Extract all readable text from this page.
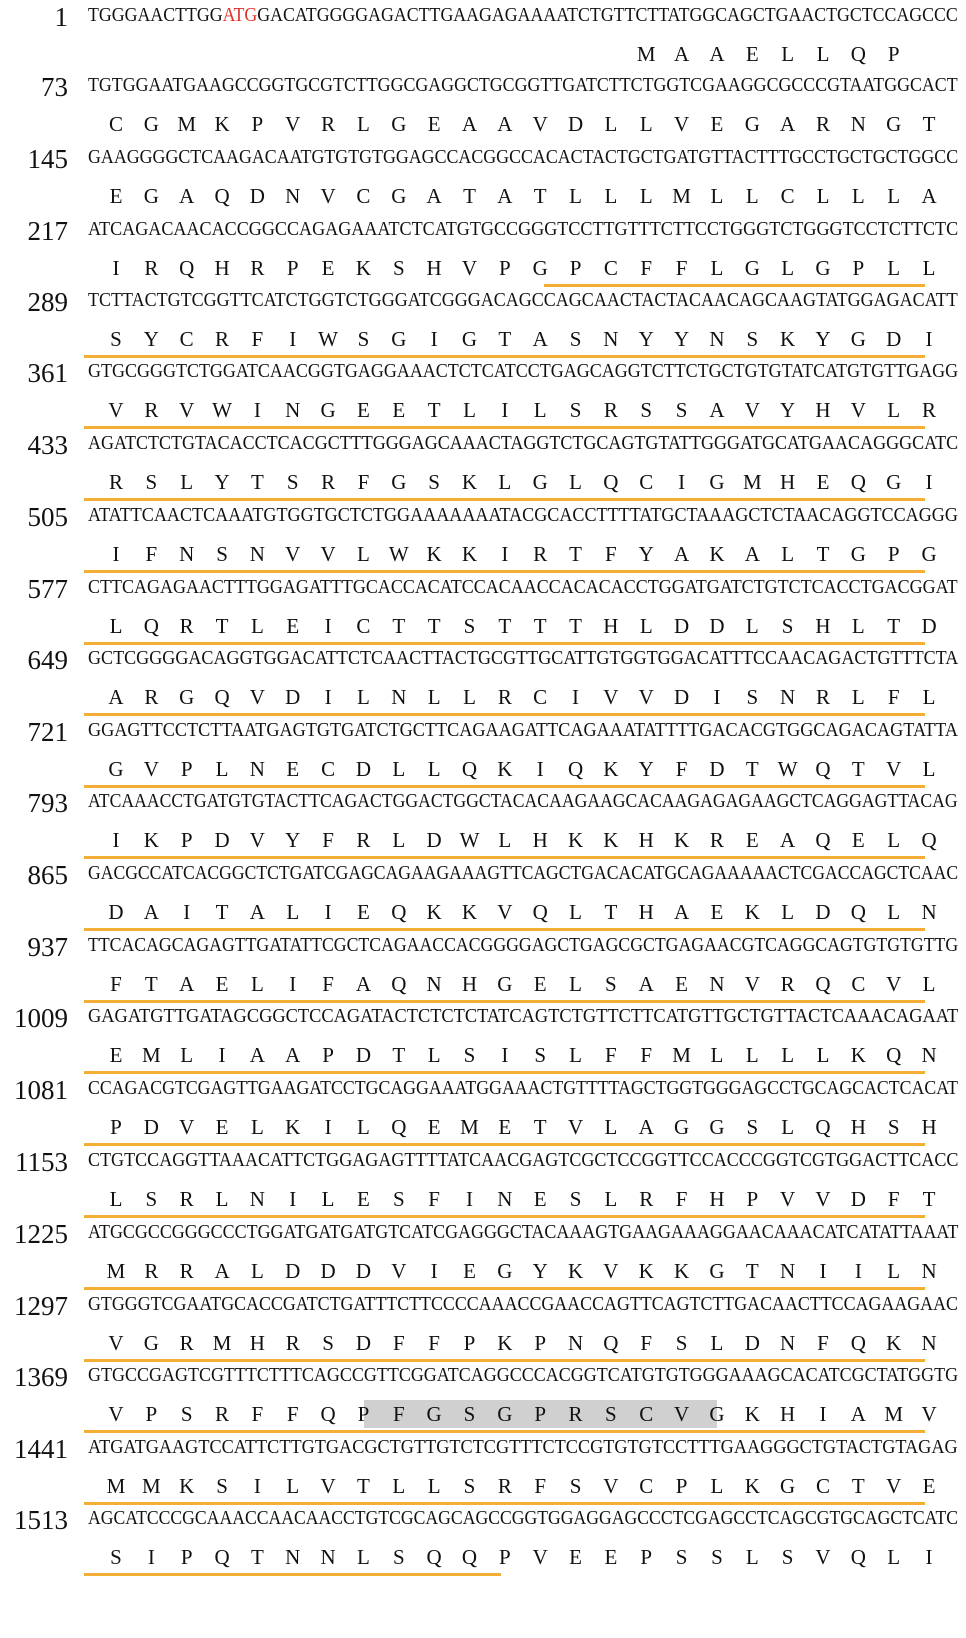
1 TGGGAACTTGGATGGACATGGGGAGACTTGAAGAGAAAATCTGTTCTTATGGCAGCTGAACTGCTCCAGCCC
M A A	E	L	L	Q	P
73 TGTGGAATGAAGCCGGTGCGTCTTGGCGAGGCTGCGGTTGATCTTCTGGTCGAAGGCGCCCGTAATGGCACT
C G M K	P	V R	L	G	E	A A V D	L	L	V	E	G A R N G	T
145 GAAGGGGCTCAAGACAATGTGTGTGGAGCCACGGCCACACTACTGCTGATGTTACTTTGCCTGCTGCTGGCC
E	G A Q D N V C G A	T	A	T	L	L	L M L	L	C	L	L	L	A
217 ATCAGACAACACCGGCCAGAGAAATCTCATGTGCCGGGTCCTTGTTTCTTCCTGGGTCTGGGTCCTCTTCTC
I	R Q H R	P	E	K	S	H V	P	G	P	C	F	F	L	G	L	G	P	L	L
289 TCTTACTGTCGGTTCATCTGGTCTGGGATCGGGACAGCCAGCAACTACTACAACAGCAAGTATGGAGACATT
S	Y C	R	F	I	W S	G	I	G	T	A	S	N Y Y N	S	K Y G D	I
361 GTGCGGGTCTGGATCAACGGTGAGGAAACTCTCATCCTGAGCAGGTCTTCTGCTGTGTATCATGTGTTGAGG
V R V W	I	N G	E	E	T	L	I	L	S	R	S	S	A V Y H V	L	R
433 AGATCTCTGTACACCTCACGCTTTGGGAGCAAACTAGGTCTGCAGTGTATTGGGATGCATGAACAGGGCATC
R	S	L	Y	T	S	R	F	G	S	K	L	G	L	Q C	I	G M H	E	Q G	I
505 ATATTCAACTCAAATGTGGTGCTCTGGAAAAAAATACGCACCTTTTATGCTAAAGCTCTAACAGGTCCAGGG
I	F	N	S	N V V	L W K K	I	R	T	F	Y A K A	L	T	G	P	G
577 CTTCAGAGAACTTTGGAGATTTGCACCACATCCACAACCACACACCTGGATGATCTGTCTCACCTGACGGAT
L	Q R	T	L	E	I	C	T	T	S	T	T	T	H	L	D D	L	S	H	L	T	D
649 GCTCGGGGACAGGTGGACATTCTCAACTTACTGCGTTGCATTGTGGTGGACATTTCCAACAGACTGTTTCTA
A R G Q V D	I	L	N	L	L	R	C	I	V V D	I	S	N R	L	F	L
721 GGAGTTCCTCTTAATGAGTGTGATCTGCTTCAGAAGATTCAGAAATATTTTGACACGTGGCAGACAGTATTA
G V	P	L	N	E	C D	L	L	Q K	I	Q K Y	F	D	T W Q	T	V	L
793 ATCAAACCTGATGTGTACTTCAGACTGGACTGGCTACACAAGAAGCACAAGAGAGAAGCTCAGGAGTTACAG
I	K	P	D V Y	F	R	L	D W L	H K K H K R	E	A Q	E	L	Q
865 GACGCCATCACGGCTCTGATCGAGCAGAAGAAAGTTCAGCTGACACATGCAGAAAAACTCGACCAGCTCAAC
D A	I	T	A	L	I	E	Q K K V Q	L	T	H A	E	K	L	D Q	L	N
937 TTCACAGCAGAGTTGATATTCGCTCAGAACCACGGGGAGCTGAGCGCTGAGAACGTCAGGCAGTGTGTGTTG
F	T	A	E	L	I	F	A Q N H G	E	L	S	A	E	N V R Q C V	L
1009 GAGATGTTGATAGCGGCTCCAGATACTCTCTCTATCAGTCTGTTCTTCATGTTGCTGTTACTCAAACAGAAT
E M L	I	A A	P	D	T	L	S	I	S	L	F	F M L	L	L	L	K Q N
1081 CCAGACGTCGAGTTGAAGATCCTGCAGGAAATGGAAACTGTTTTAGCTGGTGGGAGCCTGCAGCACTCACAT
P	D V	E	L	K	I	L	Q	E M E	T	V	L	A G G	S	L	Q H	S	H
1153 CTGTCCAGGTTAAACATTCTGGAGAGTTTTATCAACGAGTCGCTCCGGTTCCACCCGGTCGTGGACTTCACC
L	S	R	L	N	I	L	E	S	F	I	N	E	S	L	R	F	H	P	V V D	F	T
1225 ATGCGCCGGGCCCTGGATGATGATGTCATCGAGGGCTACAAAGTGAAGAAAGGAACAAACATCATATTAAAT
M R	R A	L	D D D V	I	E	G Y K V K K G	T	N	I	I	L	N
1297 GTGGGTCGAATGCACCGATCTGATTTCTTCCCCAAACCGAACCAGTTCAGTCTTGACAACTTCCAGAAGAAC
V G R M H R	S	D	F	F	P	K	P	N Q	F	S	L	D N	F	Q K N
1369 GTGCCGAGTCGTTTCTTTCAGCCGTTCGGATCAGGCCCACGGTCATGTGTGGGAAAGCACATCGCTATGGTG
V	P	S	R	F	F	Q	P	F	G	S	G	P	R	S	C V G K H	I	A M V
1441 ATGATGAAGTCCATTCTTGTGACGCTGTTGTCTCGTTTCTCCGTGTGTCCTTTGAAGGGCTGTACTGTAGAG
M M K	S	I	L	V	T	L	L	S	R	F	S	V C	P	L	K G C	T	V	E
1513 AGCATCCCGCAAACCAACAACCTGTCGCAGCAGCCGGTGGAGGAGCCCTCGAGCCTCAGCGTGCAGCTCATC
S	I	P	Q	T	N N	L	S	Q Q	P	V	E	E	P	S	S	L	S	V Q	L	I
